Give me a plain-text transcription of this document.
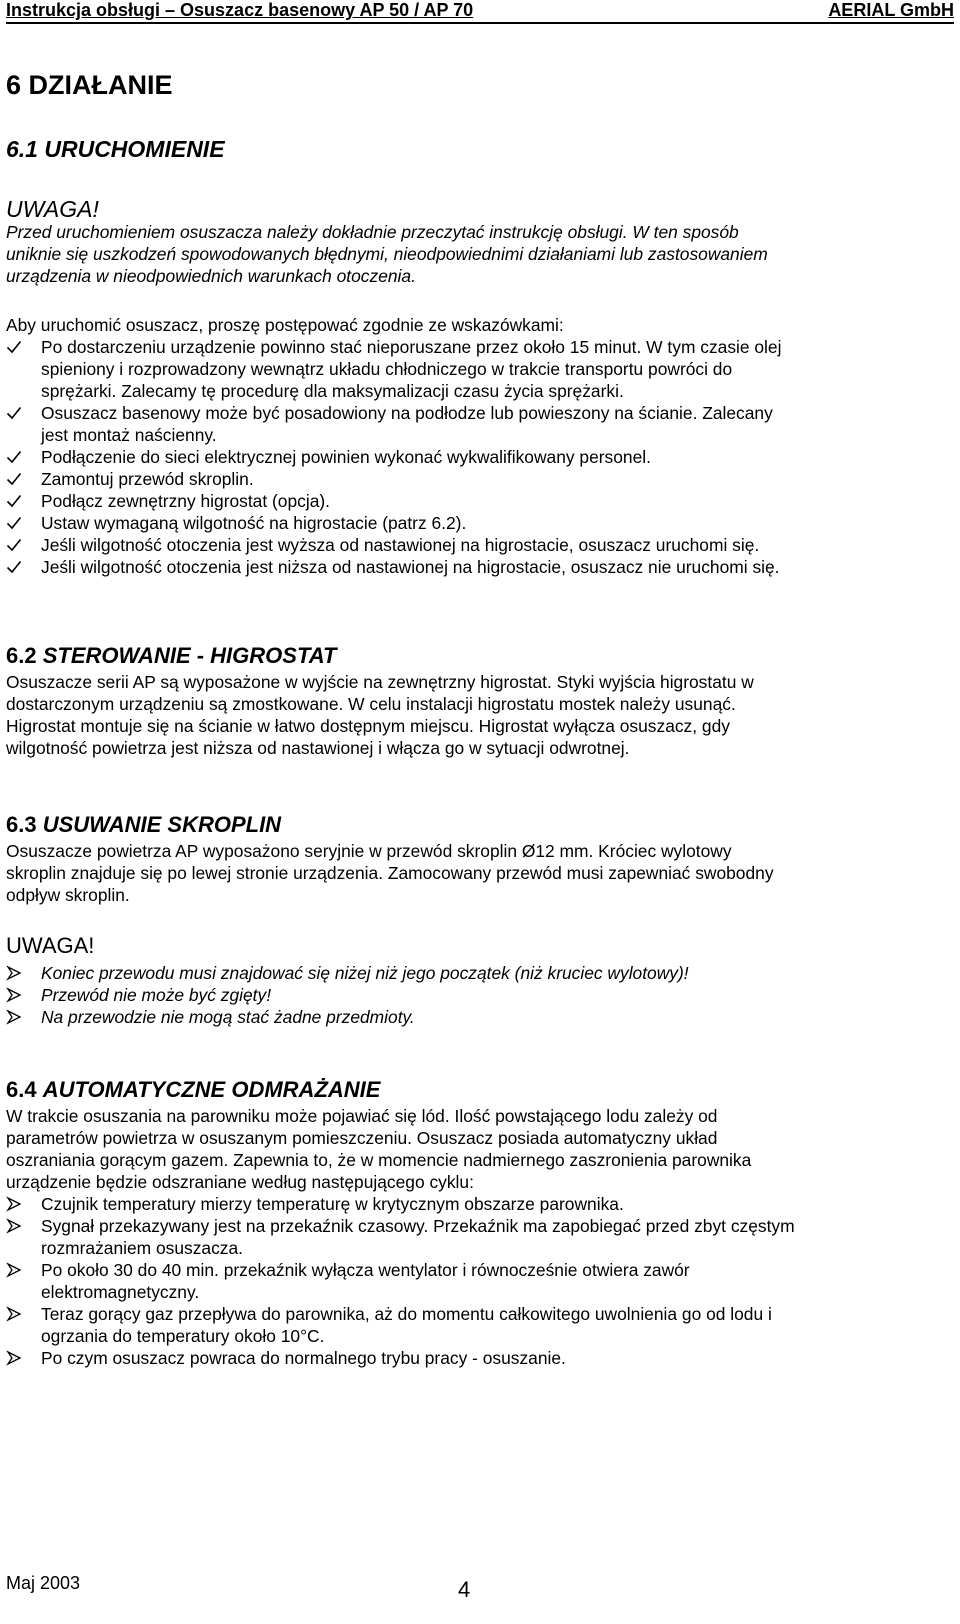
Instrukcja obsługi – Osuszacz basenowy AP 50 / AP 70	AERIAL GmbH
6 DZIAŁANIE
6.1 URUCHOMIENIE
UWAGA!
Przed uruchomieniem osuszacza należy dokładnie przeczytać instrukcję obsługi. W ten sposób
uniknie się uszkodzeń spowodowanych błędnymi, nieodpowiednimi działaniami lub zastosowaniem
urządzenia w nieodpowiednich warunkach otoczenia.
Aby uruchomić osuszacz, proszę postępować zgodnie ze wskazówkami:
Po dostarczeniu urządzenie powinno stać nieporuszane przez około 15 minut. W tym czasie olej
spieniony i rozprowadzony wewnątrz układu chłodniczego w trakcie transportu powróci do
sprężarki. Zalecamy tę procedurę dla maksymalizacji czasu życia sprężarki.
Osuszacz basenowy może być posadowiony na podłodze lub powieszony na ścianie. Zalecany
jest montaż naścienny.
Podłączenie do sieci elektrycznej powinien wykonać wykwalifikowany personel.
Zamontuj przewód skroplin.
Podłącz zewnętrzny higrostat (opcja).
Ustaw wymaganą wilgotność na higrostacie (patrz 6.2).
Jeśli wilgotność otoczenia jest wyższa od nastawionej na higrostacie, osuszacz uruchomi się.
Jeśli wilgotność otoczenia jest niższa od nastawionej na higrostacie, osuszacz nie uruchomi się.
6.2 STEROWANIE - HIGROSTAT
Osuszacze serii AP są wyposażone w wyjście na zewnętrzny higrostat. Styki wyjścia higrostatu w
dostarczonym urządzeniu są zmostkowane. W celu instalacji higrostatu mostek należy usunąć.
Higrostat montuje się na ścianie w łatwo dostępnym miejscu. Higrostat wyłącza osuszacz, gdy
wilgotność powietrza jest niższa od nastawionej i włącza go w sytuacji odwrotnej.
6.3 USUWANIE SKROPLIN
Osuszacze powietrza AP wyposażono seryjnie w przewód skroplin Ø12 mm. Króciec wylotowy
skroplin znajduje się po lewej stronie urządzenia. Zamocowany przewód musi zapewniać swobodny
odpływ skroplin.
UWAGA!
Koniec przewodu musi znajdować się niżej niż jego początek (niż kruciec wylotowy)!
Przewód nie może być zgięty!
Na przewodzie nie mogą stać żadne przedmioty.
6.4 AUTOMATYCZNE ODMRAŻANIE
W trakcie osuszania na parowniku może pojawiać się lód. Ilość powstającego lodu zależy od
parametrów powietrza w osuszanym pomieszczeniu. Osuszacz posiada automatyczny układ
oszraniania gorącym gazem. Zapewnia to, że w momencie nadmiernego zaszronienia parownika
urządzenie będzie odszraniane według następującego cyklu:
Czujnik temperatury mierzy temperaturę w krytycznym obszarze parownika.
Sygnał przekazywany jest na przekaźnik czasowy. Przekaźnik ma zapobiegać przed zbyt częstym
rozmrażaniem osuszacza.
Po około 30 do 40 min. przekaźnik wyłącza wentylator i równocześnie otwiera zawór
elektromagnetyczny.
Teraz gorący gaz przepływa do parownika, aż do momentu całkowitego uwolnienia go od lodu i
ogrzania do temperatury około 10°C.
Po czym osuszacz powraca do normalnego trybu pracy - osuszanie.
Maj 2003	4
